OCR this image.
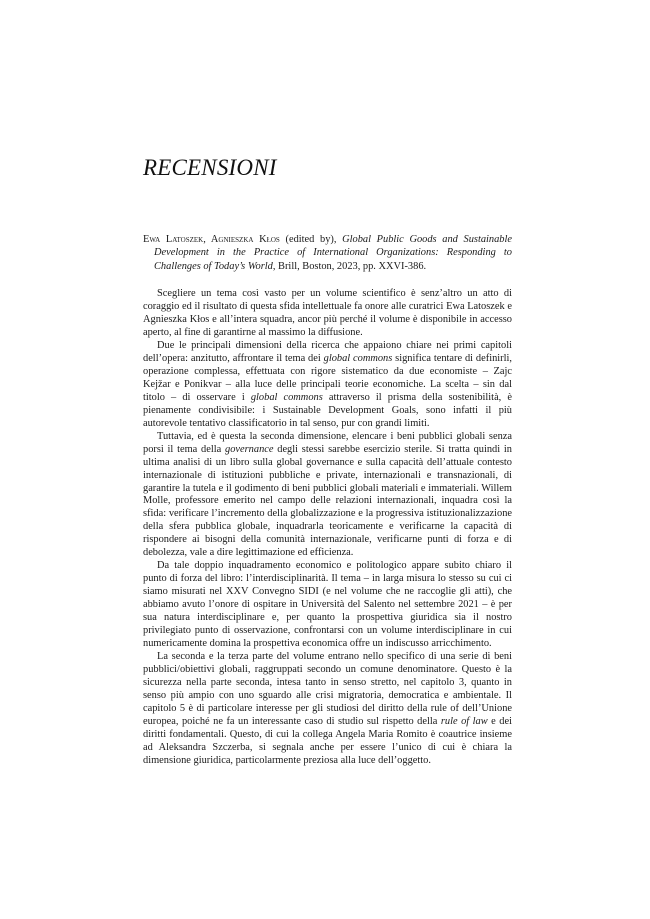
RECENSIONI

Ewa Latoszek, Agnieszka Kłos (edited by), Global Public Goods and Sustainable Development in the Practice of International Organizations: Responding to Challenges of Today’s World, Brill, Boston, 2023, pp. XXVI-386.

Scegliere un tema così vasto per un volume scientifico è senz’altro un atto di coraggio ed il risultato di questa sfida intellettuale fa onore alle curatrici Ewa Latoszek e Agnieszka Kłos e all’intera squadra, ancor più perché il volume è disponibile in accesso aperto, al fine di garantirne al massimo la diffusione.

Due le principali dimensioni della ricerca che appaiono chiare nei primi capitoli dell’opera: anzitutto, affrontare il tema dei global commons significa tentare di definirli, operazione complessa, effettuata con rigore sistematico da due economiste – Zajc Kejžar e Ponikvar – alla luce delle principali teorie economiche. La scelta – sin dal titolo – di osservare i global commons attraverso il prisma della sostenibilità, è pienamente condivisibile: i Sustainable Development Goals, sono infatti il più autorevole tentativo classificatorio in tal senso, pur con grandi limiti.

Tuttavia, ed è questa la seconda dimensione, elencare i beni pubblici globali senza porsi il tema della governance degli stessi sarebbe esercizio sterile. Si tratta quindi in ultima analisi di un libro sulla global governance e sulla capacità dell’attuale contesto internazionale di istituzioni pubbliche e private, internazionali e transnazionali, di garantire la tutela e il godimento di beni pubblici globali materiali e immateriali. Willem Molle, professore emerito nel campo delle relazioni internazionali, inquadra così la sfida: verificare l’incremento della globalizzazione e la progressiva istituzionalizzazione della sfera pubblica globale, inquadrarla teoricamente e verificarne la capacità di rispondere ai bisogni della comunità internazionale, verificarne punti di forza e di debolezza, vale a dire legittimazione ed efficienza.

Da tale doppio inquadramento economico e politologico appare subito chiaro il punto di forza del libro: l’interdisciplinarità. Il tema – in larga misura lo stesso su cui ci siamo misurati nel XXV Convegno SIDI (e nel volume che ne raccoglie gli atti), che abbiamo avuto l’onore di ospitare in Università del Salento nel settembre 2021 – è per sua natura interdisciplinare e, per quanto la prospettiva giuridica sia il nostro privilegiato punto di osservazione, confrontarsi con un volume interdisciplinare in cui numericamente domina la prospettiva economica offre un indiscusso arricchimento.

La seconda e la terza parte del volume entrano nello specifico di una serie di beni pubblici/obiettivi globali, raggruppati secondo un comune denominatore. Questo è la sicurezza nella parte seconda, intesa tanto in senso stretto, nel capitolo 3, quanto in senso più ampio con uno sguardo alle crisi migratoria, democratica e ambientale. Il capitolo 5 è di particolare interesse per gli studiosi del diritto della rule of dell’Unione europea, poiché ne fa un interessante caso di studio sul rispetto della rule of law e dei diritti fondamentali. Questo, di cui la collega Angela Maria Romito è coautrice insieme ad Aleksandra Szczerba, si segnala anche per essere l’unico di cui è chiara la dimensione giuridica, particolarmente preziosa alla luce dell’oggetto.
